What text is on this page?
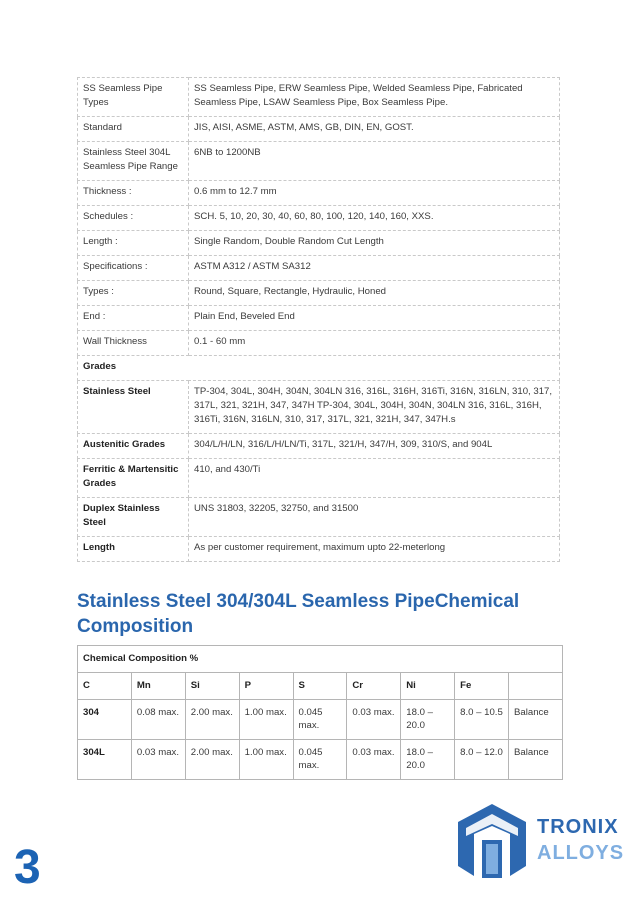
SS Seamless Pipe Types	SS Seamless Pipe, ERW Seamless Pipe, Welded Seamless Pipe, Fabricated Seamless Pipe, LSAW Seamless Pipe, Box Seamless Pipe.
Standard	JIS, AISI, ASME, ASTM, AMS, GB, DIN, EN, GOST.
Stainless Steel 304L Seamless Pipe Range	6NB to 1200NB
Thickness :	0.6 mm to 12.7 mm
Schedules :	SCH. 5, 10, 20, 30, 40, 60, 80, 100, 120, 140, 160, XXS.
Length :	Single Random, Double Random Cut Length
Specifications :	ASTM A312 / ASTM SA312
Types :	Round, Square, Rectangle, Hydraulic, Honed
End :	Plain End, Beveled End
Wall Thickness	0.1 - 60 mm
Grades	
Stainless Steel	TP-304, 304L, 304H, 304N, 304LN 316, 316L, 316H, 316Ti, 316N, 316LN, 310, 317, 317L, 321, 321H, 347, 347H TP-304, 304L, 304H, 304N, 304LN 316, 316L, 316H, 316Ti, 316N, 316LN, 310, 317, 317L, 321, 321H, 347, 347H.s
Austenitic Grades	304/L/H/LN, 316/L/H/LN/Ti, 317L, 321/H, 347/H, 309, 310/S, and 904L
Ferritic & Martensitic Grades	410, and 430/Ti
Duplex Stainless Steel	UNS 31803, 32205, 32750, and 31500
Length	As per customer requirement, maximum upto 22-meterlong
Stainless Steel 304/304L Seamless PipeChemical Composition
Chemical Composition %								
C	Mn	Si	P	S	Cr	Ni	Fe	
304	0.08 max.	2.00 max.	1.00 max.	0.045 max.	0.03 max.	18.0 – 20.0	8.0 – 10.5	Balance
304L	0.03 max.	2.00 max.	1.00 max.	0.045 max.	0.03 max.	18.0 – 20.0	8.0 – 12.0	Balance
3
TRONIX
ALLOYS
